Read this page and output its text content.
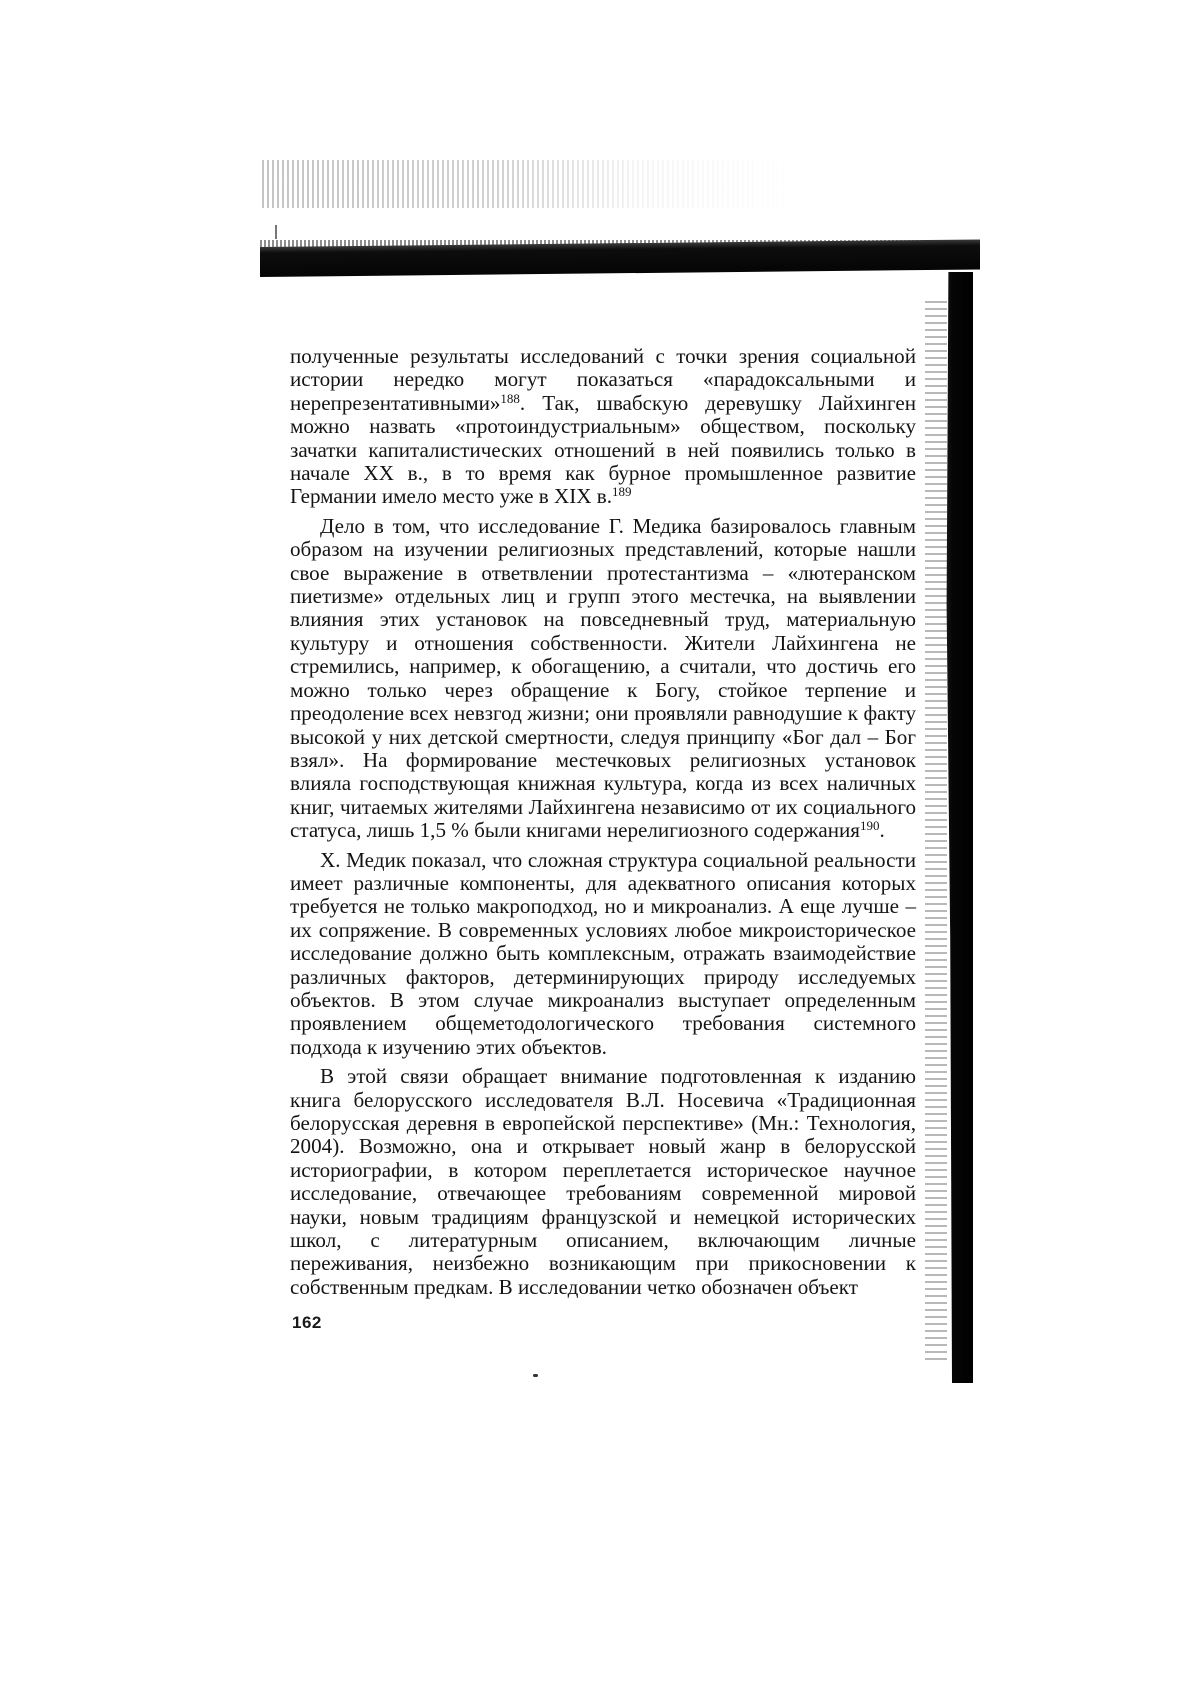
полученные результаты исследований с точки зрения социальной истории нередко могут показаться «парадоксальными и нерепрезентативными»$^{188}$. Так, швабскую деревушку Лайхинген можно назвать «протоиндустриальным» обществом, поскольку зачатки капиталистических отношений в ней появились только в начале XX в., в то время как бурное промышленное развитие Германии имело место уже в XIX в.$^{189}$

Дело в том, что исследование Г. Медика базировалось главным образом на изучении религиозных представлений, которые нашли свое выражение в ответвлении протестантизма – «лютеранском пиетизме» отдельных лиц и групп этого местечка, на выявлении влияния этих установок на повседневный труд, материальную культуру и отношения собственности. Жители Лайхингена не стремились, например, к обогащению, а считали, что достичь его можно только через обращение к Богу, стойкое терпение и преодоление всех невзгод жизни; они проявляли равнодушие к факту высокой у них детской смертности, следуя принципу «Бог дал – Бог взял». На формирование местечковых религиозных установок влияла господствующая книжная культура, когда из всех наличных книг, читаемых жителями Лайхингена независимо от их социального статуса, лишь 1,5 % были книгами нерелигиозного содержания$^{190}$.

Х. Медик показал, что сложная структура социальной реальности имеет различные компоненты, для адекватного описания которых требуется не только макроподход, но и микроанализ. А еще лучше – их сопряжение. В современных условиях любое микроисторическое исследование должно быть комплексным, отражать взаимодействие различных факторов, детерминирующих природу исследуемых объектов. В этом случае микроанализ выступает определенным проявлением общеметодологического требования системного подхода к изучению этих объектов.

В этой связи обращает внимание подготовленная к изданию книга белорусского исследователя В.Л. Носевича «Традиционная белорусская деревня в европейской перспективе» (Мн.: Технология, 2004). Возможно, она и открывает новый жанр в белорусской историографии, в котором переплетается историческое научное исследование, отвечающее требованиям современной мировой науки, новым традициям французской и немецкой исторических школ, с литературным описанием, включающим личные переживания, неизбежно возникающим при прикосновении к собственным предкам. В исследовании четко обозначен объект

162
